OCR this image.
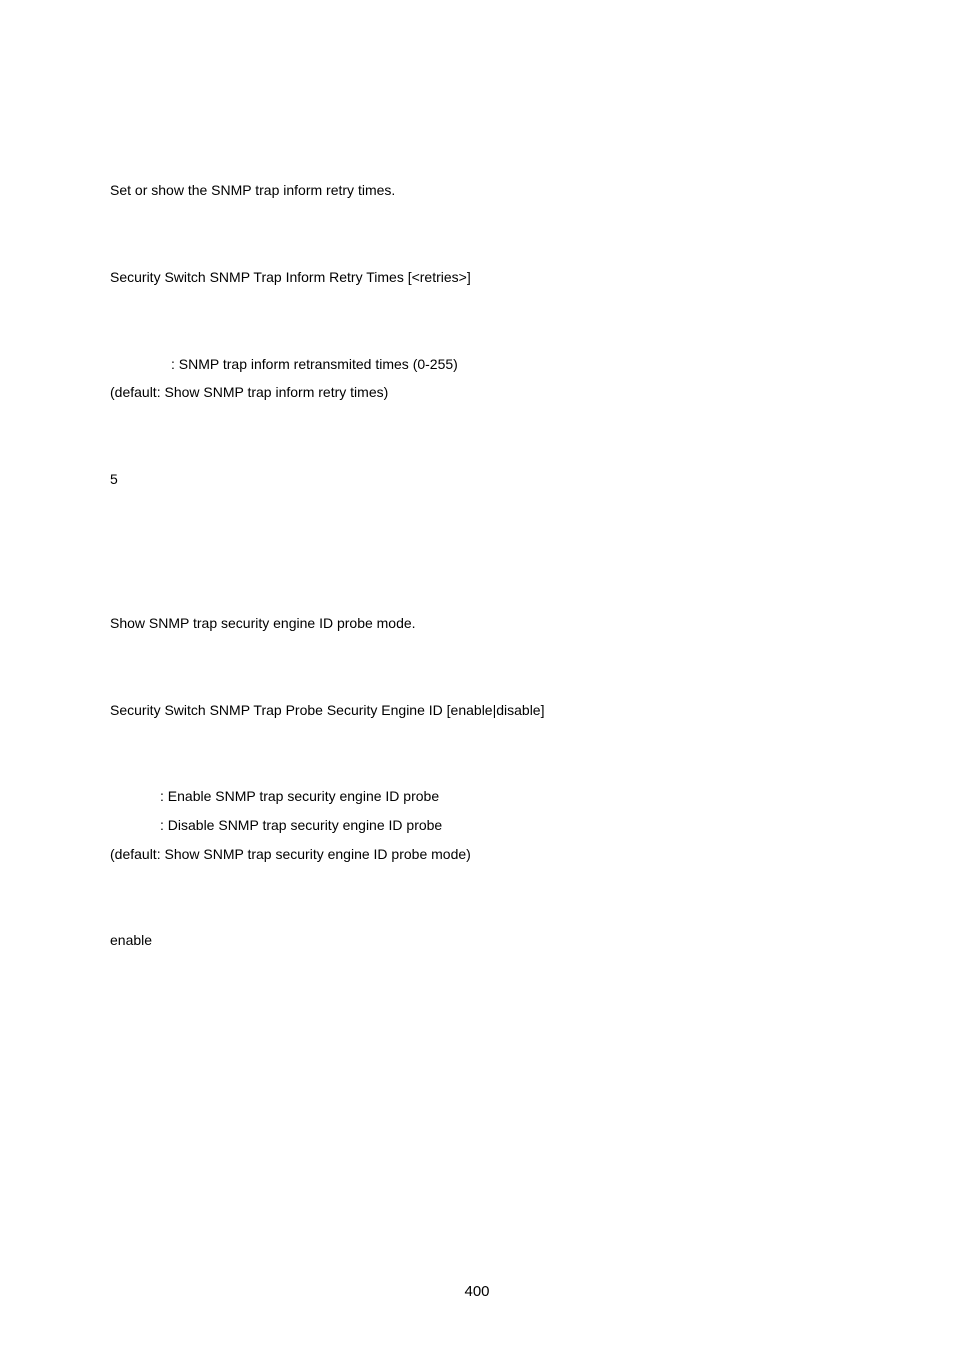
Set or show the SNMP trap inform retry times.
Security Switch SNMP Trap Inform Retry Times [<retries>]
: SNMP trap inform retransmited times (0-255)
(default: Show SNMP trap inform retry times)
5
Show SNMP trap security engine ID probe mode.
Security Switch SNMP Trap Probe Security Engine ID [enable|disable]
: Enable SNMP trap security engine ID probe
: Disable SNMP trap security engine ID probe
(default: Show SNMP trap security engine ID probe mode)
enable
400
